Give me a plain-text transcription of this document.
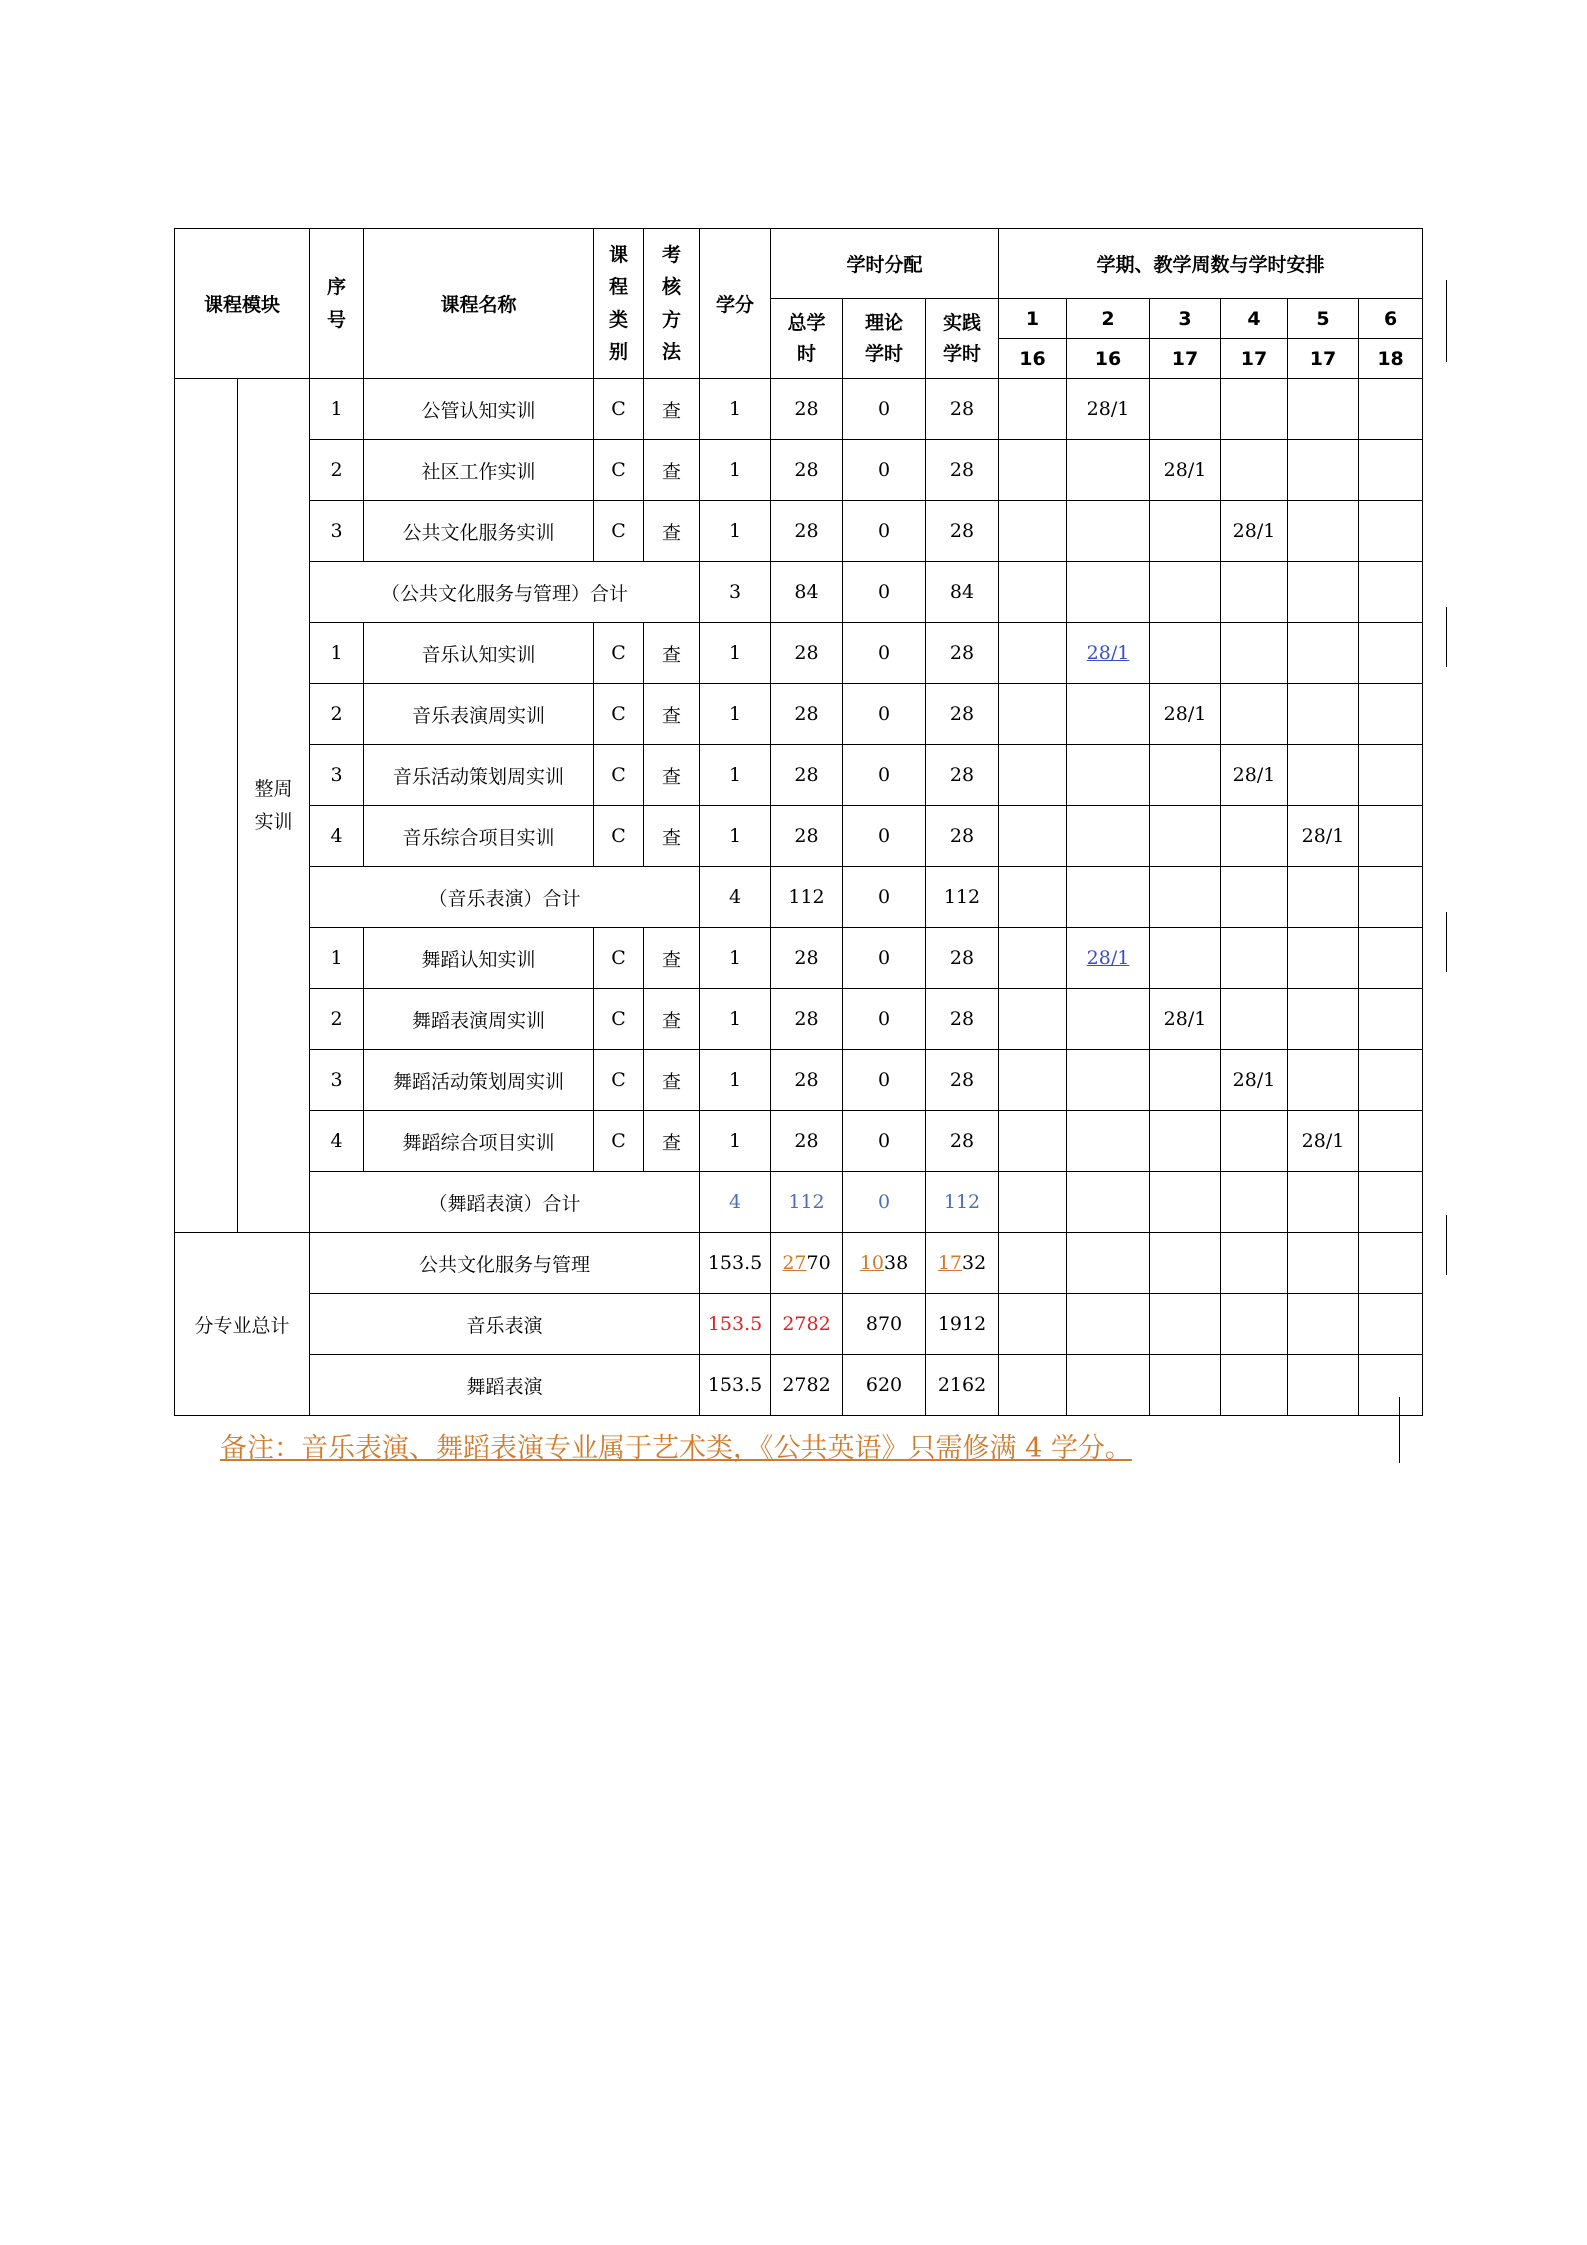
课程模块		序号	课程名称	课程类别	考核方法	学分	学时分配			学期、教学周数与学时安排					
							总学时	理论学时	实践学时	1	2	3	4	5	6
										16	16	17	17	17	18
	整周实训	1	公管认知实训	C	查	1	28	0	28		28/1				
		2	社区工作实训	C	查	1	28	0	28			28/1			
		3	公共文化服务实训	C	查	1	28	0	28				28/1		
		（公共文化服务与管理）合计				3	84	0	84						
		1	音乐认知实训	C	查	1	28	0	28		28/1				
		2	音乐表演周实训	C	查	1	28	0	28			28/1			
		3	音乐活动策划周实训	C	查	1	28	0	28				28/1		
		4	音乐综合项目实训	C	查	1	28	0	28					28/1	
		（音乐表演）合计				4	112	0	112						
		1	舞蹈认知实训	C	查	1	28	0	28		28/1				
		2	舞蹈表演周实训	C	查	1	28	0	28			28/1			
		3	舞蹈活动策划周实训	C	查	1	28	0	28				28/1		
		4	舞蹈综合项目实训	C	查	1	28	0	28					28/1	
		（舞蹈表演）合计				4	112	0	112						
分专业总计		公共文化服务与管理				153.5	2770	1038	1732						
		音乐表演				153.5	2782	870	1912						
		舞蹈表演				153.5	2782	620	2162						
备注：音乐表演、舞蹈表演专业属于艺术类，《公共英语》只需修满 4 学分。
